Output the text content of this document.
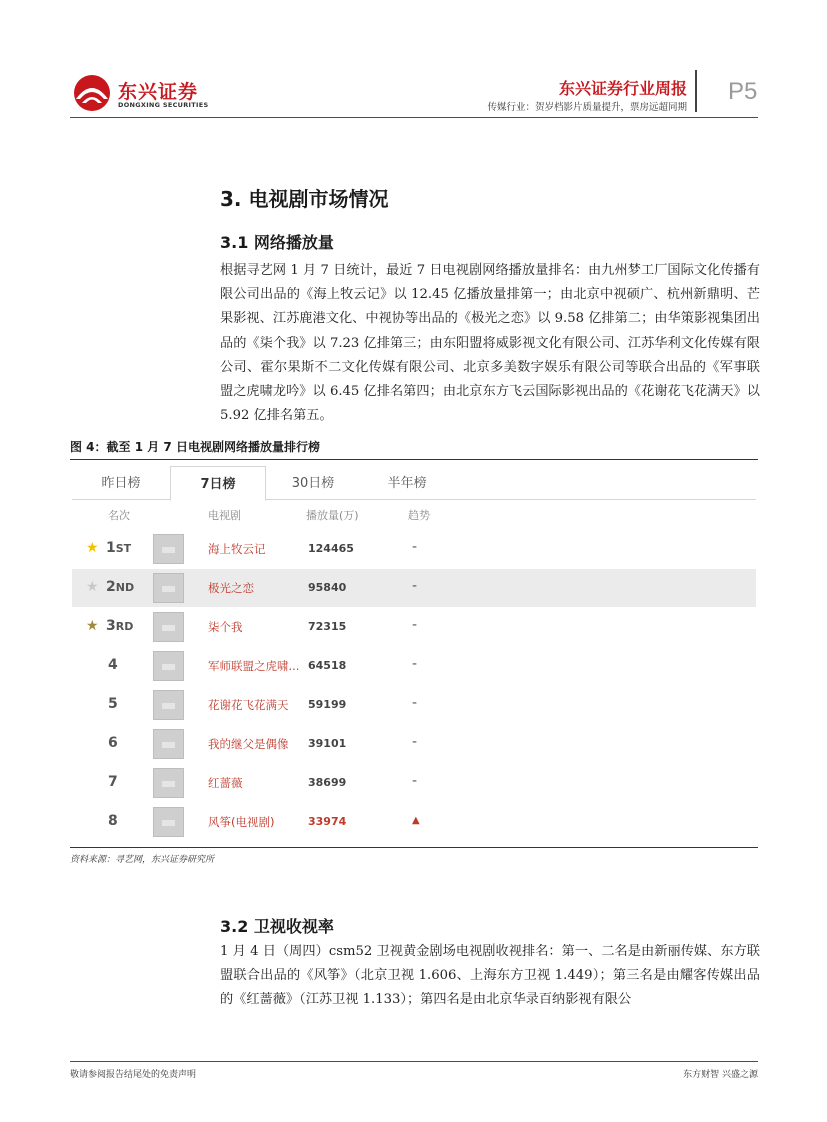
东兴证券
DONGXING SECURITIES
东兴证券行业周报
传媒行业：贺岁档影片质量提升，票房远超同期
P5
3. 电视剧市场情况
3.1 网络播放量
根据寻艺网 1 月 7 日统计，最近 7 日电视剧网络播放量排名：由九州梦工厂国际文化传播有限公司出品的《海上牧云记》以 12.45 亿播放量排第一；由北京中视硕广、杭州新鼎明、芒果影视、江苏鹿港文化、中视协等出品的《极光之恋》以 9.58 亿排第二；由华策影视集团出品的《柒个我》以 7.23 亿排第三；由东阳盟将威影视文化有限公司、江苏华利文化传媒有限公司、霍尔果斯不二文化传媒有限公司、北京多美数字娱乐有限公司等联合出品的《军事联盟之虎啸龙吟》以 6.45 亿排名第四；由北京东方飞云国际影视出品的《花谢花飞花满天》以 5.92 亿排名第五。
图 4：截至 1 月 7 日电视剧网络播放量排行榜
昨日榜	7日榜	30日榜	半年榜
名次	电视剧	播放量(万)	趋势
★ 1ST	海上牧云记	124465	-
★ 2ND	极光之恋	95840	-
★ 3RD	柒个我	72315	-
4	军师联盟之虎啸... 64518	-
5	花谢花飞花满天	59199	-
6	我的继父是偶像	39101	-
7	红蔷薇	38699	-
8	风筝(电视剧)	33974	▲
资料来源：寻艺网，东兴证券研究所
3.2 卫视收视率
1 月 4 日（周四）csm52 卫视黄金剧场电视剧收视排名：第一、二名是由新丽传媒、东方联盟联合出品的《风筝》（北京卫视 1.606、上海东方卫视 1.449）；第三名是由耀客传媒出品的《红蔷薇》（江苏卫视 1.133）；第四名是由北京华录百纳影视有限公
敬请参阅报告结尾处的免责声明	东方财智 兴盛之源
